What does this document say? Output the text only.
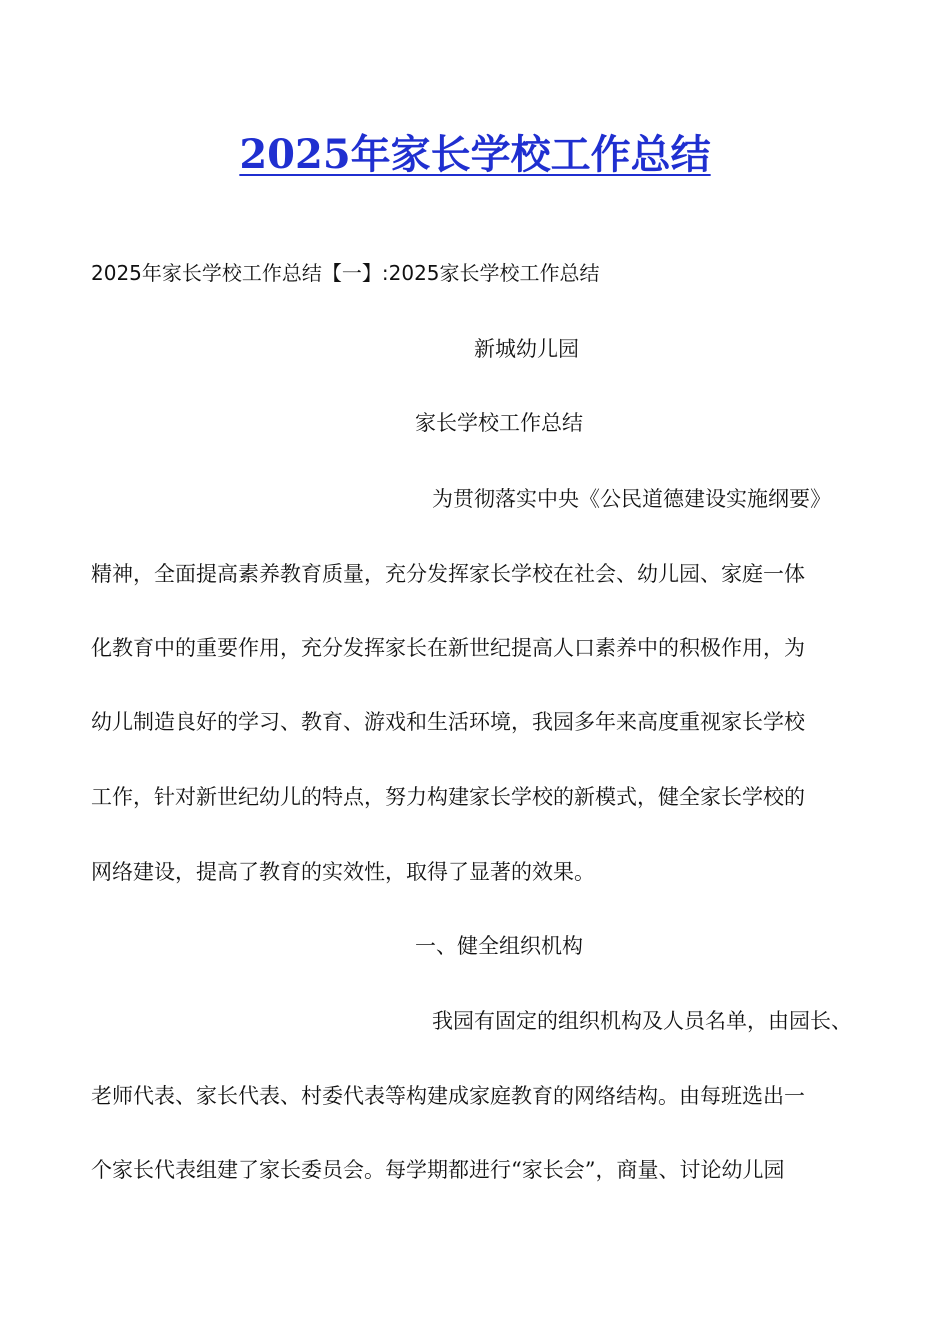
2025年家长学校工作总结
2025年家长学校工作总结【一】:2025家长学校工作总结
新城幼儿园
家长学校工作总结
为贯彻落实中央《公民道德建设实施纲要》
精神，全面提高素养教育质量，充分发挥家长学校在社会、幼儿园、家庭一体
化教育中的重要作用，充分发挥家长在新世纪提高人口素养中的积极作用，为
幼儿制造良好的学习、教育、游戏和生活环境，我园多年来高度重视家长学校
工作，针对新世纪幼儿的特点，努力构建家长学校的新模式，健全家长学校的
网络建设，提高了教育的实效性，取得了显著的效果。
一、健全组织机构
我园有固定的组织机构及人员名单，由园长、
老师代表、家长代表、村委代表等构建成家庭教育的网络结构。由每班选出一
个家长代表组建了家长委员会。每学期都进行“家长会”，商量、讨论幼儿园
